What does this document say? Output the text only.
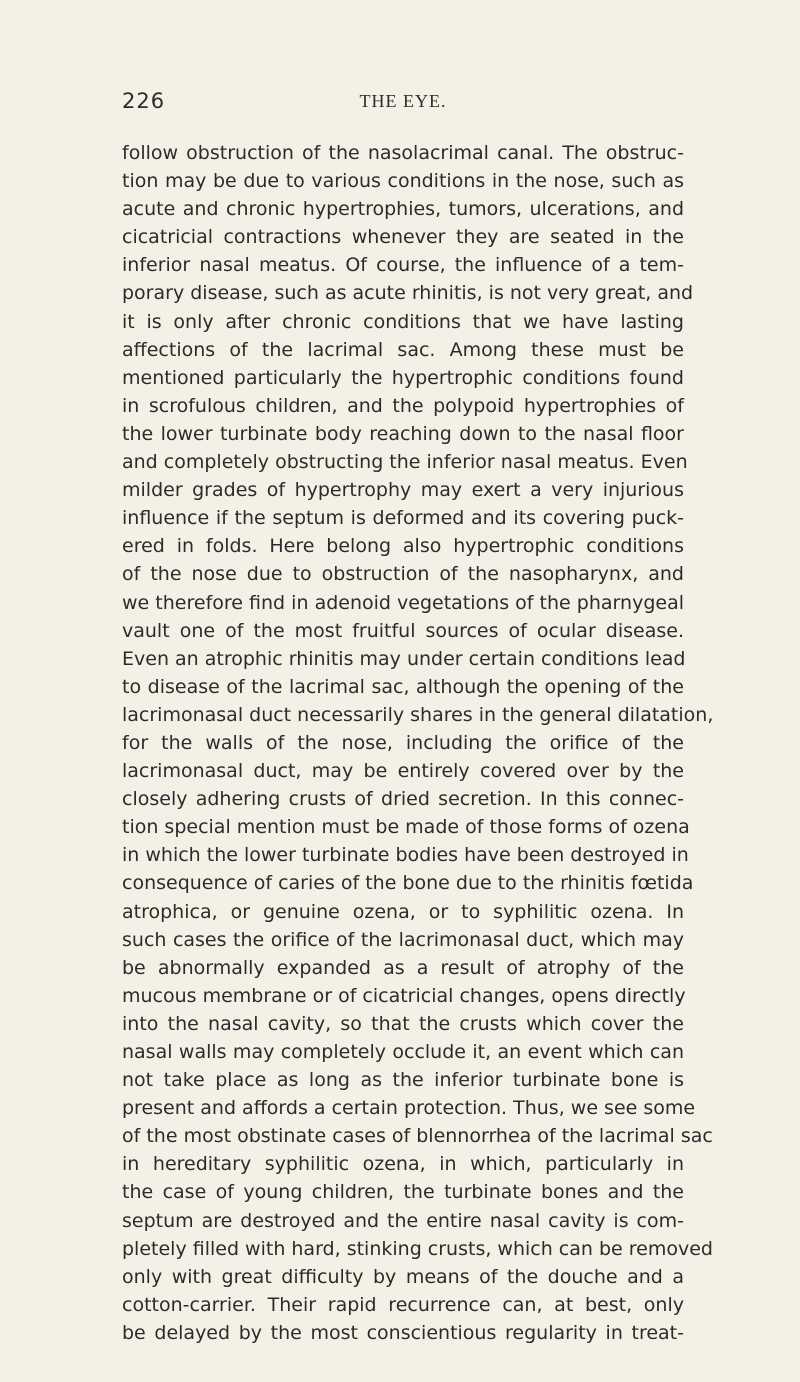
226	THE EYE.
follow obstruction of the nasolacrimal canal. The obstruc-
tion may be due to various conditions in the nose, such as
acute and chronic hypertrophies, tumors, ulcerations, and
cicatricial contractions whenever they are seated in the
inferior nasal meatus. Of course, the influence of a tem-
porary disease, such as acute rhinitis, is not very great, and
it is only after chronic conditions that we have lasting
affections of the lacrimal sac. Among these must be
mentioned particularly the hypertrophic conditions found
in scrofulous children, and the polypoid hypertrophies of
the lower turbinate body reaching down to the nasal floor
and completely obstructing the inferior nasal meatus. Even
milder grades of hypertrophy may exert a very injurious
influence if the septum is deformed and its covering puck-
ered in folds. Here belong also hypertrophic conditions
of the nose due to obstruction of the nasopharynx, and
we therefore find in adenoid vegetations of the pharnygeal
vault one of the most fruitful sources of ocular disease.
Even an atrophic rhinitis may under certain conditions lead
to disease of the lacrimal sac, although the opening of the
lacrimonasal duct necessarily shares in the general dilatation,
for the walls of the nose, including the orifice of the
lacrimonasal duct, may be entirely covered over by the
closely adhering crusts of dried secretion. In this connec-
tion special mention must be made of those forms of ozena
in which the lower turbinate bodies have been destroyed in
consequence of caries of the bone due to the rhinitis fœtida
atrophica, or genuine ozena, or to syphilitic ozena. In
such cases the orifice of the lacrimonasal duct, which may
be abnormally expanded as a result of atrophy of the
mucous membrane or of cicatricial changes, opens directly
into the nasal cavity, so that the crusts which cover the
nasal walls may completely occlude it, an event which can
not take place as long as the inferior turbinate bone is
present and affords a certain protection. Thus, we see some
of the most obstinate cases of blennorrhea of the lacrimal sac
in hereditary syphilitic ozena, in which, particularly in
the case of young children, the turbinate bones and the
septum are destroyed and the entire nasal cavity is com-
pletely filled with hard, stinking crusts, which can be removed
only with great difficulty by means of the douche and a
cotton-carrier. Their rapid recurrence can, at best, only
be delayed by the most conscientious regularity in treat-
